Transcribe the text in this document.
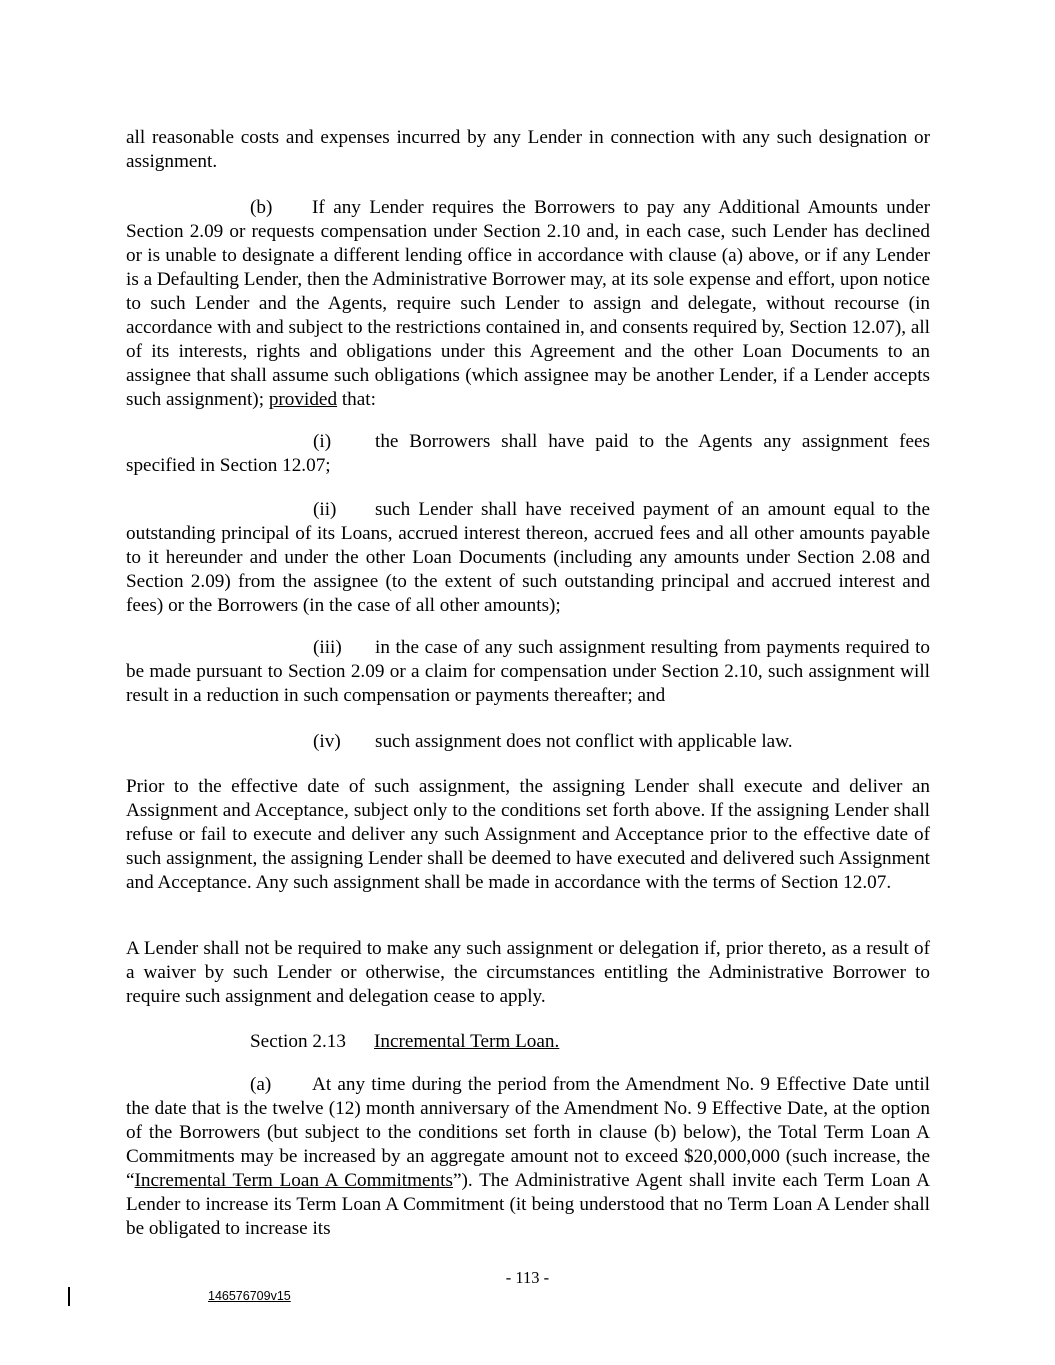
all reasonable costs and expenses incurred by any Lender in connection with any such designation or assignment.
(b) If any Lender requires the Borrowers to pay any Additional Amounts under Section 2.09 or requests compensation under Section 2.10 and, in each case, such Lender has declined or is unable to designate a different lending office in accordance with clause (a) above, or if any Lender is a Defaulting Lender, then the Administrative Borrower may, at its sole expense and effort, upon notice to such Lender and the Agents, require such Lender to assign and delegate, without recourse (in accordance with and subject to the restrictions contained in, and consents required by, Section 12.07), all of its interests, rights and obligations under this Agreement and the other Loan Documents to an assignee that shall assume such obligations (which assignee may be another Lender, if a Lender accepts such assignment); provided that:
(i) the Borrowers shall have paid to the Agents any assignment fees specified in Section 12.07;
(ii) such Lender shall have received payment of an amount equal to the outstanding principal of its Loans, accrued interest thereon, accrued fees and all other amounts payable to it hereunder and under the other Loan Documents (including any amounts under Section 2.08 and Section 2.09) from the assignee (to the extent of such outstanding principal and accrued interest and fees) or the Borrowers (in the case of all other amounts);
(iii) in the case of any such assignment resulting from payments required to be made pursuant to Section 2.09 or a claim for compensation under Section 2.10, such assignment will result in a reduction in such compensation or payments thereafter; and
(iv) such assignment does not conflict with applicable law.
Prior to the effective date of such assignment, the assigning Lender shall execute and deliver an Assignment and Acceptance, subject only to the conditions set forth above. If the assigning Lender shall refuse or fail to execute and deliver any such Assignment and Acceptance prior to the effective date of such assignment, the assigning Lender shall be deemed to have executed and delivered such Assignment and Acceptance. Any such assignment shall be made in accordance with the terms of Section 12.07.
A Lender shall not be required to make any such assignment or delegation if, prior thereto, as a result of a waiver by such Lender or otherwise, the circumstances entitling the Administrative Borrower to require such assignment and delegation cease to apply.
Section 2.13 Incremental Term Loan.
(a) At any time during the period from the Amendment No. 9 Effective Date until the date that is the twelve (12) month anniversary of the Amendment No. 9 Effective Date, at the option of the Borrowers (but subject to the conditions set forth in clause (b) below), the Total Term Loan A Commitments may be increased by an aggregate amount not to exceed $20,000,000 (such increase, the “Incremental Term Loan A Commitments”). The Administrative Agent shall invite each Term Loan A Lender to increase its Term Loan A Commitment (it being understood that no Term Loan A Lender shall be obligated to increase its
- 113 -
146576709v15
